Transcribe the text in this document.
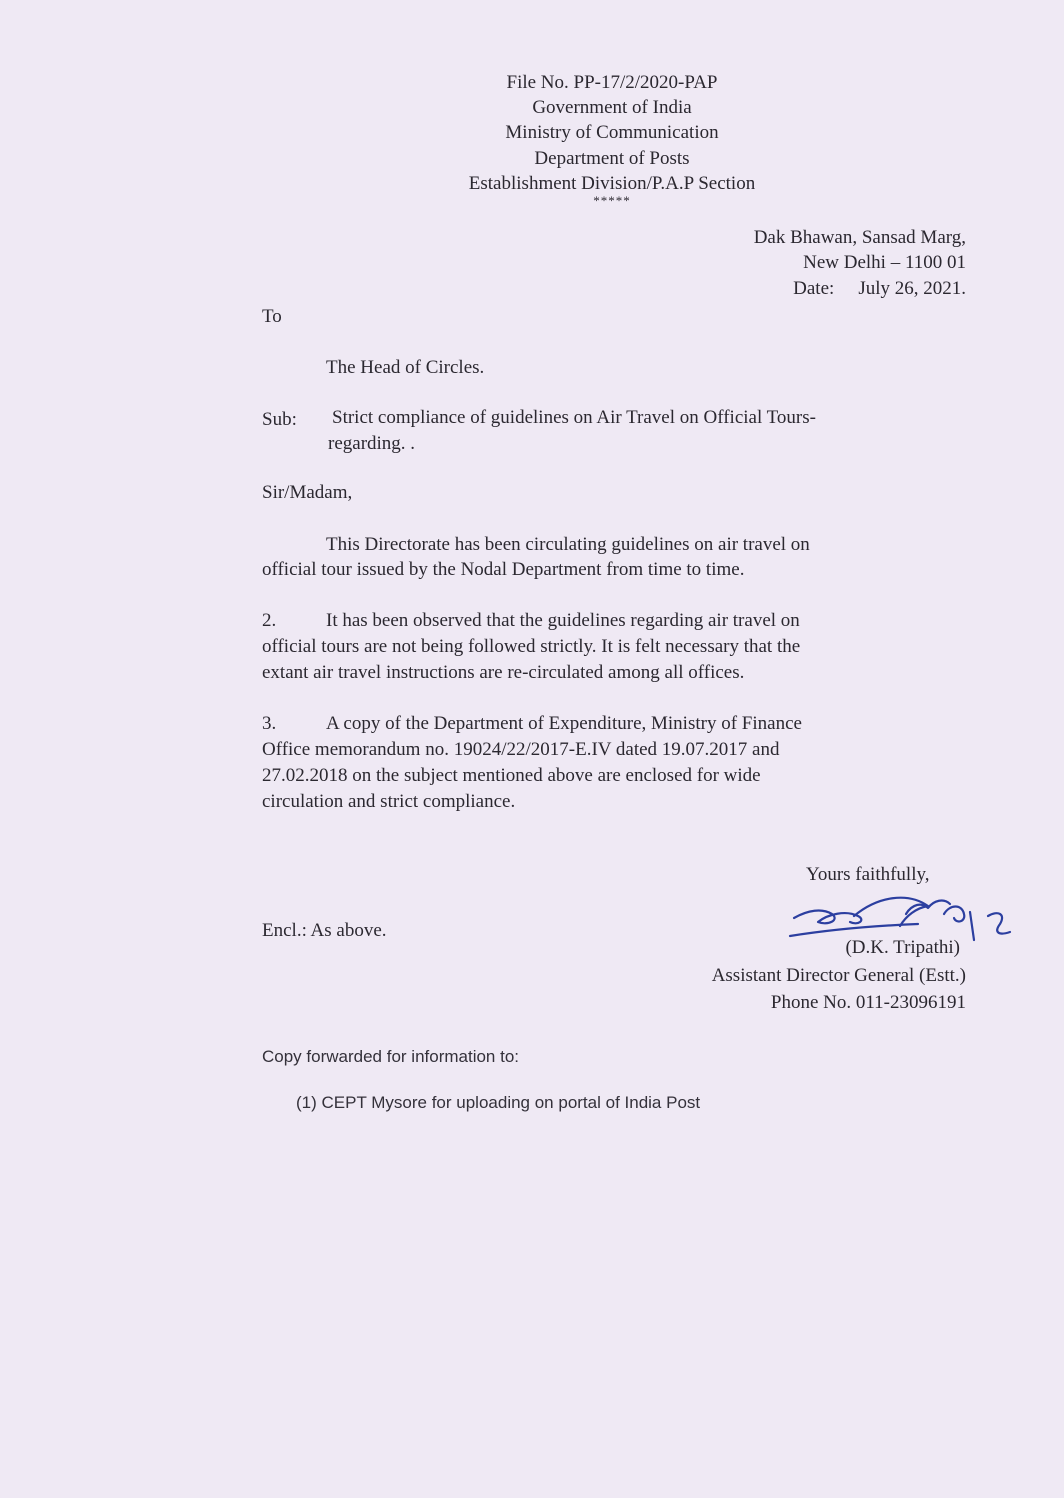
File No. PP-17/2/2020-PAP
Government of India
Ministry of Communication
Department of Posts
Establishment Division/P.A.P Section
*****
Dak Bhawan, Sansad Marg,
New Delhi – 1100 01
Date: July 26, 2021.
To
The Head of Circles.
Sub: Strict compliance of guidelines on Air Travel on Official Tours-
regarding. .
Sir/Madam,
This Directorate has been circulating guidelines on air travel on
official tour issued by the Nodal Department from time to time.
2.	It has been observed that the guidelines regarding air travel on
official tours are not being followed strictly. It is felt necessary that the
extant air travel instructions are re-circulated among all offices.
3.	A copy of the Department of Expenditure, Ministry of Finance
Office memorandum no. 19024/22/2017-E.IV dated 19.07.2017 and
27.02.2018 on the subject mentioned above are enclosed for wide
circulation and strict compliance.
Yours faithfully,
Encl.: As above.
(D.K. Tripathi)
Assistant Director General (Estt.)
Phone No. 011-23096191
Copy forwarded for information to:
(1) CEPT Mysore for uploading on portal of India Post
